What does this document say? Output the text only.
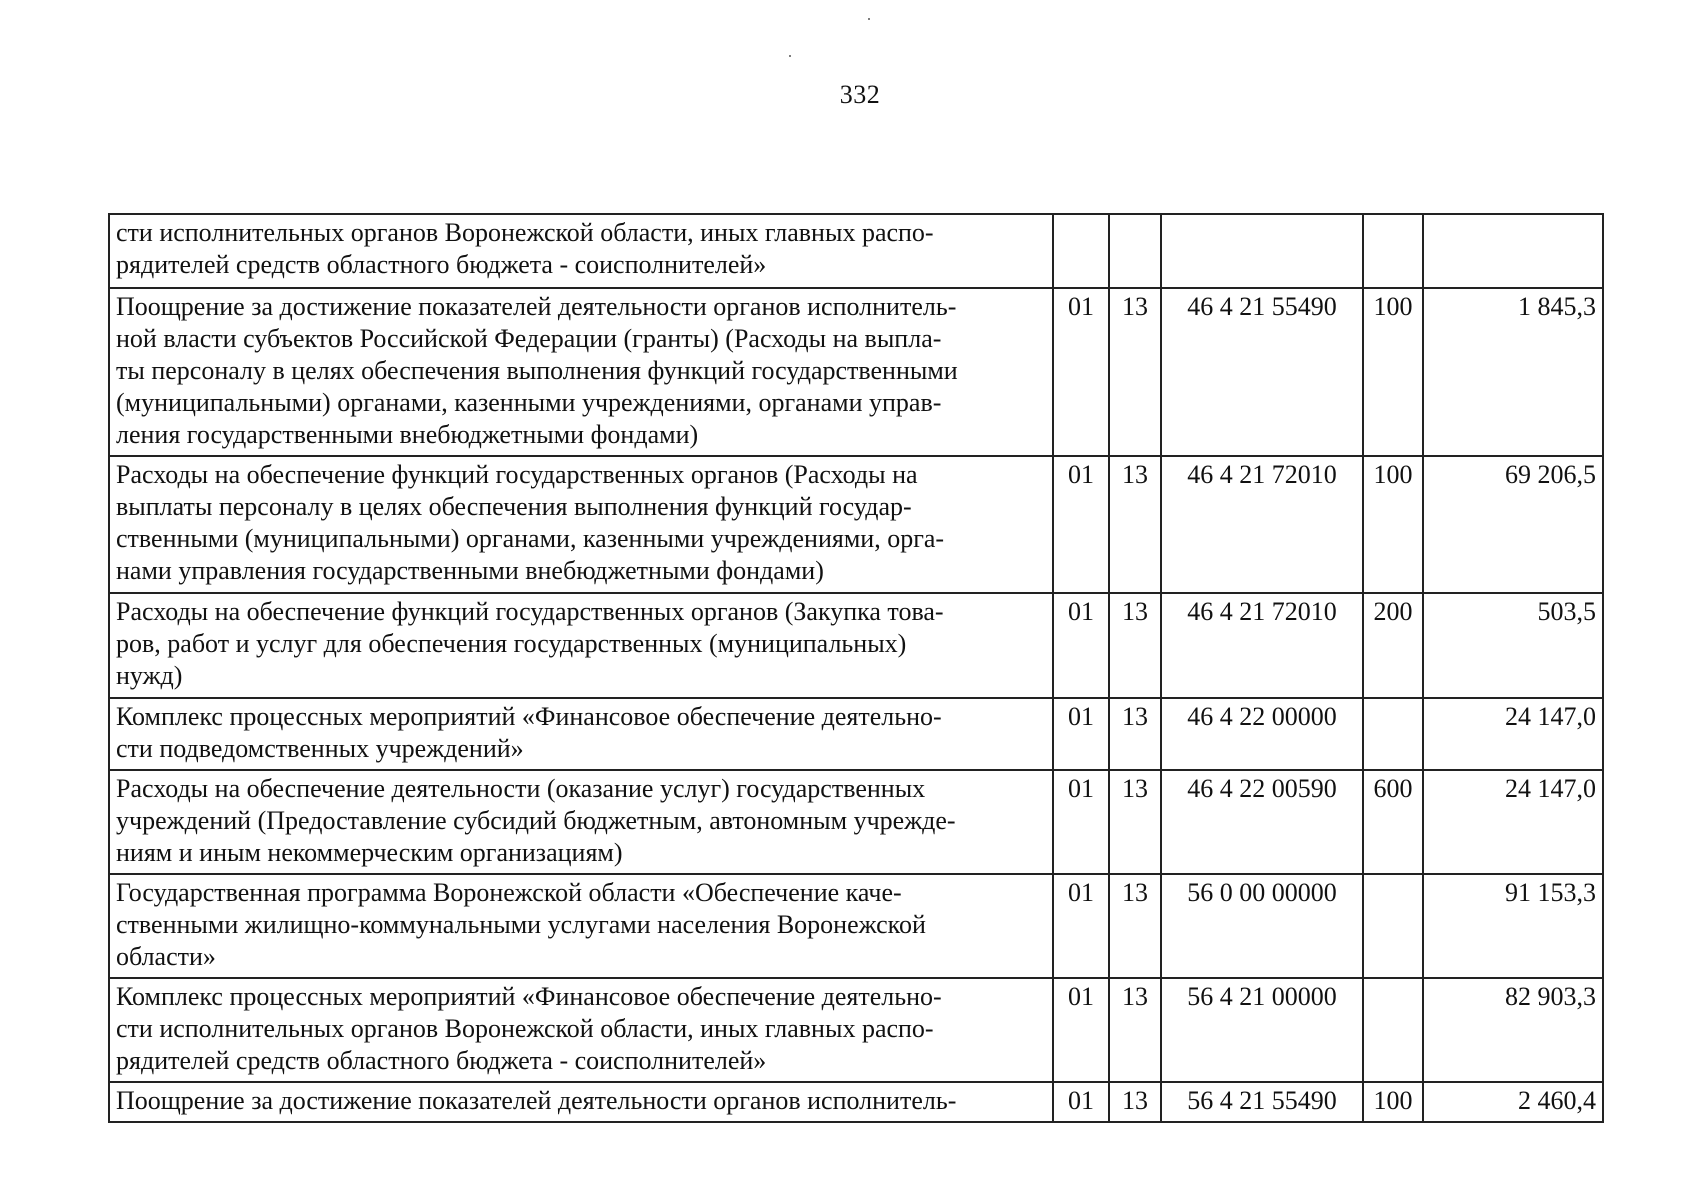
332
сти исполнительных органов Воронежской области, иных главных распо-
рядителей средств областного бюджета - соисполнителей»					
Поощрение за достижение показателей деятельности органов исполнитель-
ной власти субъектов Российской Федерации (гранты) (Расходы на выпла-
ты персоналу в целях обеспечения выполнения функций государственными
(муниципальными) органами, казенными учреждениями, органами управ-
ления государственными внебюджетными фондами)	01	13	46 4 21 55490	100	1 845,3
Расходы на обеспечение функций государственных органов (Расходы на
выплаты персоналу в целях обеспечения выполнения функций государ-
ственными (муниципальными) органами, казенными учреждениями, орга-
нами управления государственными внебюджетными фондами)	01	13	46 4 21 72010	100	69 206,5
Расходы на обеспечение функций государственных органов (Закупка това-
ров, работ и услуг для обеспечения государственных (муниципальных)
нужд)	01	13	46 4 21 72010	200	503,5
Комплекс процессных мероприятий «Финансовое обеспечение деятельно-
сти подведомственных учреждений»	01	13	46 4 22 00000		24 147,0
Расходы на обеспечение деятельности (оказание услуг) государственных
учреждений (Предоставление субсидий бюджетным, автономным учрежде-
ниям и иным некоммерческим организациям)	01	13	46 4 22 00590	600	24 147,0
Государственная программа Воронежской области «Обеспечение каче-
ственными жилищно-коммунальными услугами населения Воронежской
области»	01	13	56 0 00 00000		91 153,3
Комплекс процессных мероприятий «Финансовое обеспечение деятельно-
сти исполнительных органов Воронежской области, иных главных распо-
рядителей средств областного бюджета - соисполнителей»	01	13	56 4 21 00000		82 903,3
Поощрение за достижение показателей деятельности органов исполнитель-	01	13	56 4 21 55490	100	2 460,4
